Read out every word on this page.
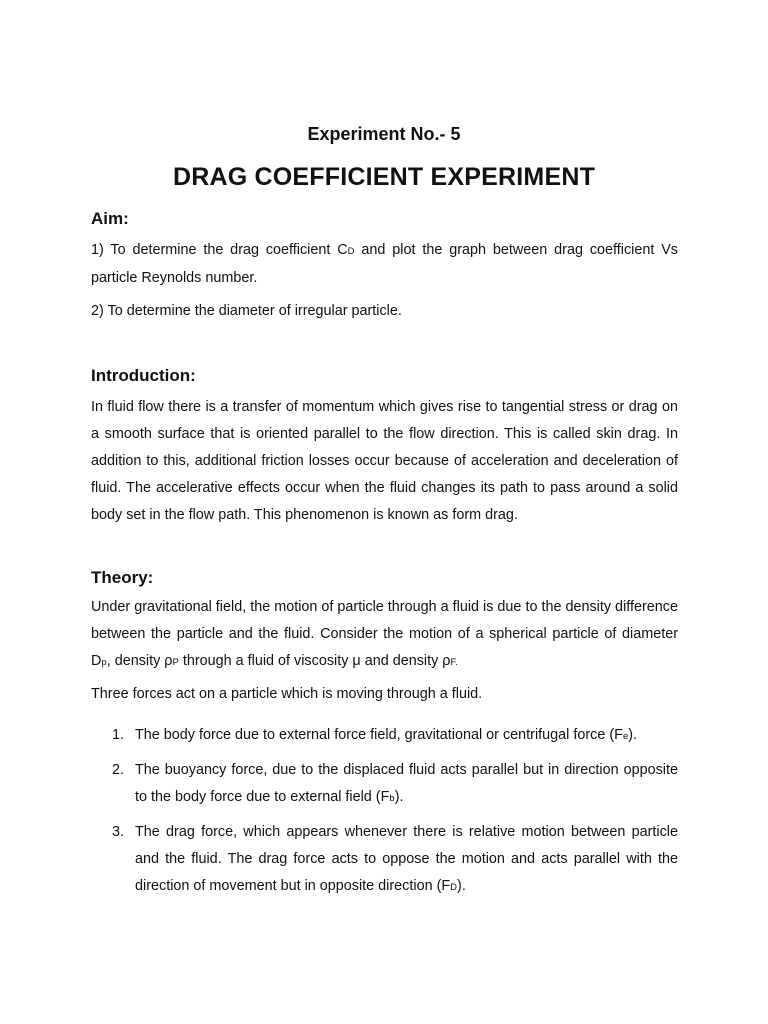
Experiment No.- 5
DRAG COEFFICIENT EXPERIMENT
Aim:

1) To determine the drag coefficient CD and plot the graph between drag coefficient Vs particle Reynolds number.

2) To determine the diameter of irregular particle.

Introduction:

In fluid flow there is a transfer of momentum which gives rise to tangential stress or drag on a smooth surface that is oriented parallel to the flow direction. This is called skin drag. In addition to this, additional friction losses occur because of acceleration and deceleration of fluid. The accelerative effects occur when the fluid changes its path to pass around a solid body set in the flow path. This phenomenon is known as form drag.

Theory:

Under gravitational field, the motion of particle through a fluid is due to the density difference between the particle and the fluid. Consider the motion of a spherical particle of diameter Dp, density ρP through a fluid of viscosity μ and density ρF.

Three forces act on a particle which is moving through a fluid.

1. The body force due to external force field, gravitational or centrifugal force (Fe).
2. The buoyancy force, due to the displaced fluid acts parallel but in direction opposite to the body force due to external field (Fb).
3. The drag force, which appears whenever there is relative motion between particle and the fluid. The drag force acts to oppose the motion and acts parallel with the direction of movement but in opposite direction (FD).
